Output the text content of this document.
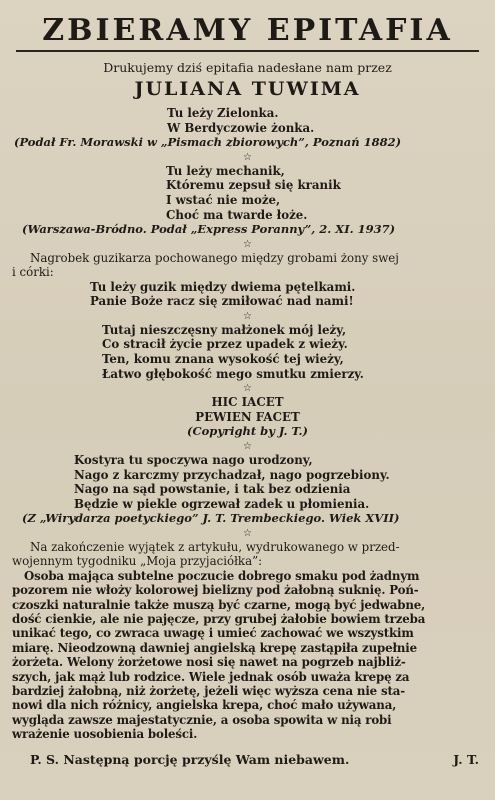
ZBIERAMY EPITAFIA

Drukujemy dziś epitafia nadesłane nam przez

JULIANA TUWIMA

Tu leży Zielonka.
W Berdyczowie żonka.
(Podał Fr. Morawski w „Pismach zbiorowych”, Poznań 1882)
☆
Tu leży mechanik,
Któremu zepsuł się kranik
I wstać nie może,
Choć ma twarde łoże.
(Warszawa-Bródno. Podał „Express Poranny”, 2. XI. 1937)
☆
Nagrobek guzikarza pochowanego między grobami żony swej
i córki:
Tu leży guzik między dwiema pętelkami.
Panie Boże racz się zmiłować nad nami!
☆
Tutaj nieszczęsny małżonek mój leży,
Co stracił życie przez upadek z wieży.
Ten, komu znana wysokość tej wieży,
Łatwo głębokość mego smutku zmierzy.
☆
HIC IACET
PEWIEN FACET
(Copyright by J. T.)
☆
Kostyra tu spoczywa nago urodzony,
Nago z karczmy przychadzał, nago pogrzebiony.
Nago na sąd powstanie, i tak bez odzienia
Będzie w piekle ogrzewał zadek u płomienia.
(Z „Wirydarza poetyckiego” J. T. Trembeckiego. Wiek XVII)
☆
Na zakończenie wyjątek z artykułu, wydrukowanego w przed-
wojennym tygodniku „Moja przyjaciółka”:
Osoba mająca subtelne poczucie dobrego smaku pod żadnym
pozorem nie włoży kolorowej bielizny pod żałobną suknię. Poń-
czoszki naturalnie także muszą być czarne, mogą być jedwabne,
dość cienkie, ale nie pajęcze, przy grubej żałobie bowiem trzeba
unikać tego, co zwraca uwagę i umieć zachować we wszystkim
miarę. Nieodzowną dawniej angielską krepę zastąpiła zupełnie
żorżeta. Welony żorżetowe nosi się nawet na pogrzeb najbliż-
szych, jak mąż lub rodzice. Wiele jednak osób uważa krepę za
bardziej żałobną, niż żorżetę, jeżeli więc wyższa cena nie sta-
nowi dla nich różnicy, angielska krepa, choć mało używana,
wygląda zawsze majestatycznie, a osoba spowita w nią robi
wrażenie uosobienia boleści.
P. S. Następną porcję przyślę Wam niebawem.	J. T.
